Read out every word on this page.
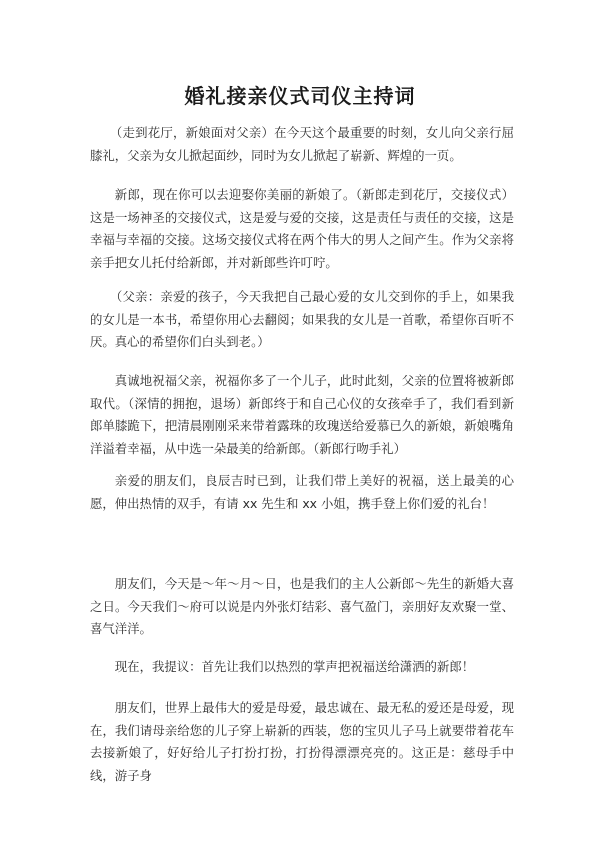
婚礼接亲仪式司仪主持词

（走到花厅，新娘面对父亲）在今天这个最重要的时刻，女儿向父亲行屈膝礼，父亲为女儿掀起面纱，同时为女儿掀起了崭新、辉煌的一页。

新郎，现在你可以去迎娶你美丽的新娘了。（新郎走到花厅，交接仪式）这是一场神圣的交接仪式，这是爱与爱的交接，这是责任与责任的交接，这是幸福与幸福的交接。这场交接仪式将在两个伟大的男人之间产生。作为父亲将亲手把女儿托付给新郎，并对新郎些许叮咛。

（父亲：亲爱的孩子，今天我把自己最心爱的女儿交到你的手上，如果我的女儿是一本书，希望你用心去翻阅；如果我的女儿是一首歌，希望你百听不厌。真心的希望你们白头到老。）

真诚地祝福父亲，祝福你多了一个儿子，此时此刻，父亲的位置将被新郎取代。（深情的拥抱，退场）新郎终于和自己心仪的女孩牵手了，我们看到新郎单膝跪下，把清晨刚刚采来带着露珠的玫瑰送给爱慕已久的新娘，新娘嘴角洋溢着幸福，从中选一朵最美的给新郎。（新郎行吻手礼）

亲爱的朋友们，良辰吉时已到，让我们带上美好的祝福，送上最美的心愿，伸出热情的双手，有请 xx 先生和 xx 小姐，携手登上你们爱的礼台！

朋友们，今天是～年～月～日，也是我们的主人公新郎～先生的新婚大喜之日。今天我们～府可以说是内外张灯结彩、喜气盈门，亲朋好友欢聚一堂、喜气洋洋。

现在，我提议：首先让我们以热烈的掌声把祝福送给潇洒的新郎！

朋友们，世界上最伟大的爱是母爱，最忠诚在、最无私的爱还是母爱，现在，我们请母亲给您的儿子穿上崭新的西装，您的宝贝儿子马上就要带着花车去接新娘了，好好给儿子打扮打扮，打扮得漂漂亮亮的。这正是：慈母手中线，游子身
